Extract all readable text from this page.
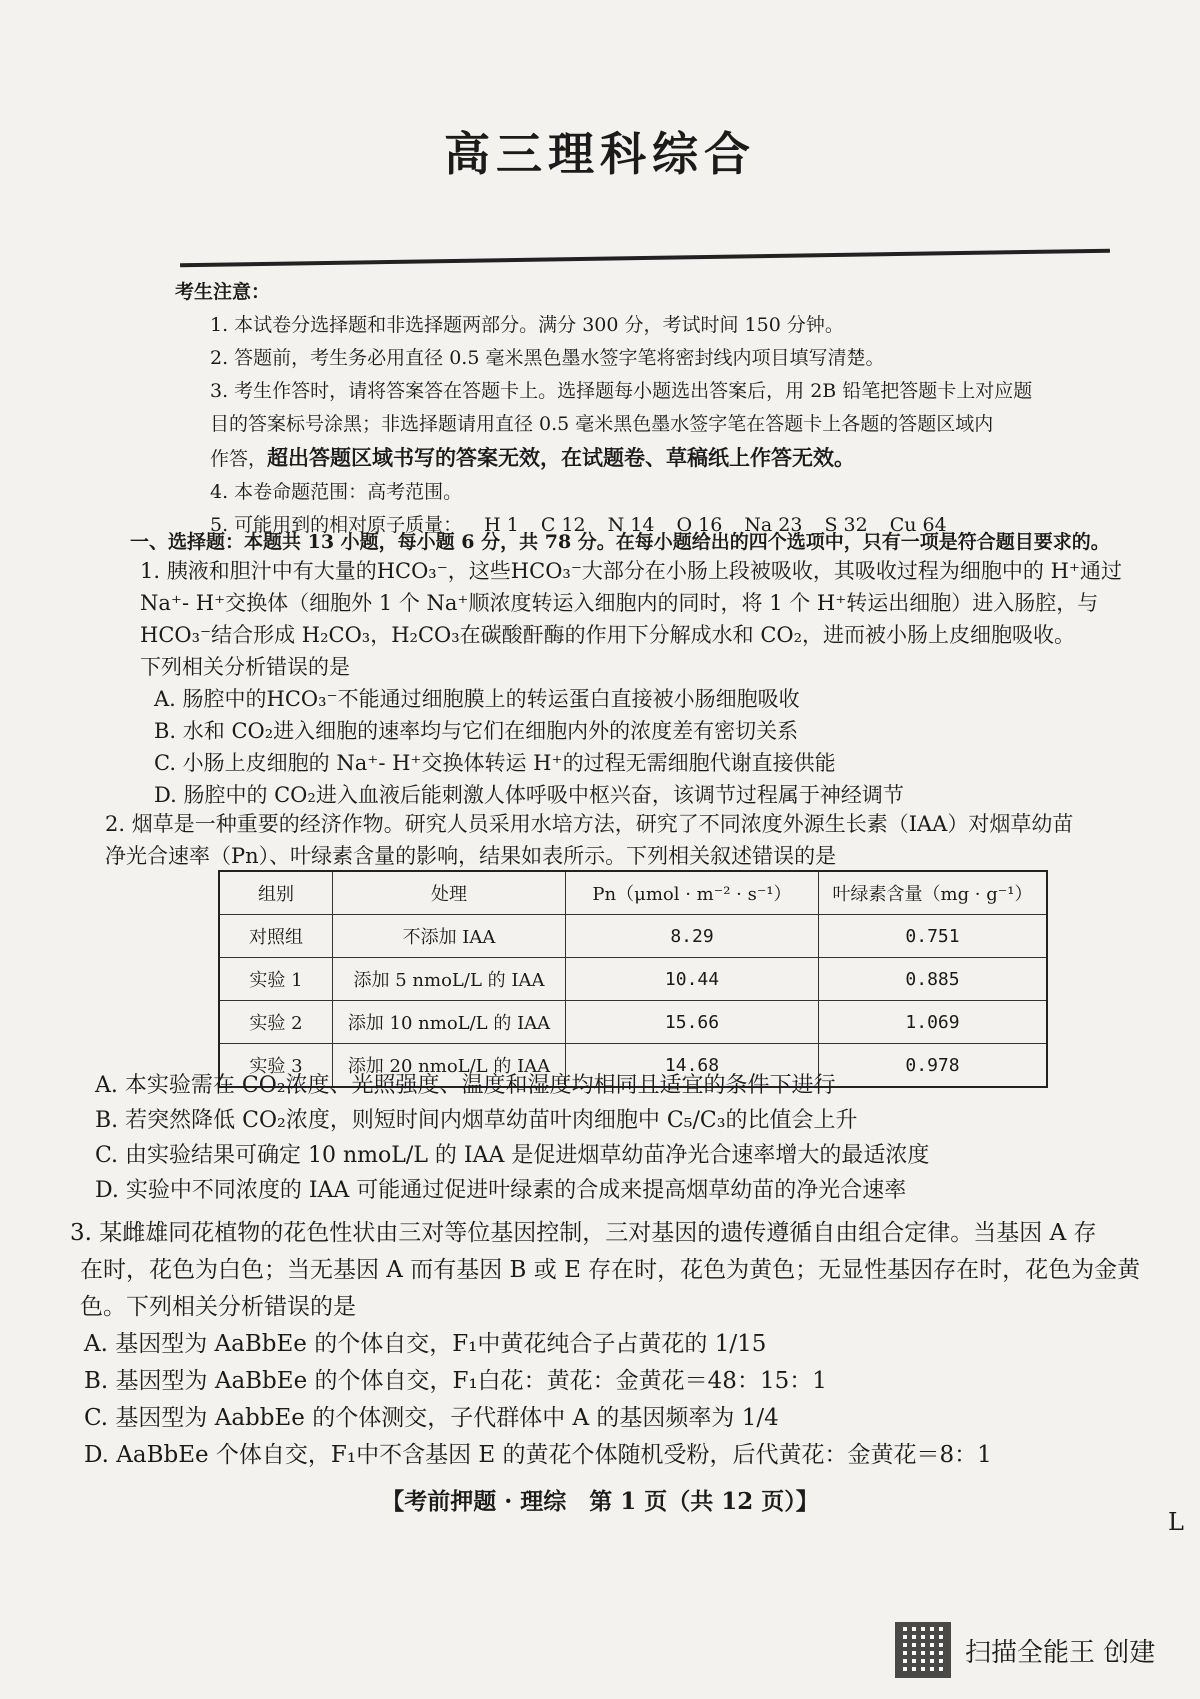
高三理科综合
考生注意：
1. 本试卷分选择题和非选择题两部分。满分 300 分，考试时间 150 分钟。
2. 答题前，考生务必用直径 0.5 毫米黑色墨水签字笔将密封线内项目填写清楚。
3. 考生作答时，请将答案答在答题卡上。选择题每小题选出答案后，用 2B 铅笔把答题卡上对应题
目的答案标号涂黑；非选择题请用直径 0.5 毫米黑色墨水签字笔在答题卡上各题的答题区域内
作答，超出答题区域书写的答案无效，在试题卷、草稿纸上作答无效。
4. 本卷命题范围：高考范围。
5. 可能用到的相对原子质量： H 1 C 12 N 14 O 16 Na 23 S 32 Cu 64
一、选择题：本题共 13 小题，每小题 6 分，共 78 分。在每小题给出的四个选项中，只有一项是符合题目要求的。
1. 胰液和胆汁中有大量的HCO₃⁻，这些HCO₃⁻大部分在小肠上段被吸收，其吸收过程为细胞中的 H⁺通过
Na⁺- H⁺交换体（细胞外 1 个 Na⁺顺浓度转运入细胞内的同时，将 1 个 H⁺转运出细胞）进入肠腔，与
HCO₃⁻结合形成 H₂CO₃，H₂CO₃在碳酸酐酶的作用下分解成水和 CO₂，进而被小肠上皮细胞吸收。
下列相关分析错误的是
A. 肠腔中的HCO₃⁻不能通过细胞膜上的转运蛋白直接被小肠细胞吸收
B. 水和 CO₂进入细胞的速率均与它们在细胞内外的浓度差有密切关系
C. 小肠上皮细胞的 Na⁺- H⁺交换体转运 H⁺的过程无需细胞代谢直接供能
D. 肠腔中的 CO₂进入血液后能刺激人体呼吸中枢兴奋，该调节过程属于神经调节
2. 烟草是一种重要的经济作物。研究人员采用水培方法，研究了不同浓度外源生长素（IAA）对烟草幼苗
净光合速率（Pn）、叶绿素含量的影响，结果如表所示。下列相关叙述错误的是
组别	处理	Pn（μmol · m⁻² · s⁻¹）	叶绿素含量（mg · g⁻¹）
对照组	不添加 IAA	8.29	0.751
实验 1	添加 5 nmoL/L 的 IAA	10.44	0.885
实验 2	添加 10 nmoL/L 的 IAA	15.66	1.069
实验 3	添加 20 nmoL/L 的 IAA	14.68	0.978
A. 本实验需在 CO₂浓度、光照强度、温度和湿度均相同且适宜的条件下进行
B. 若突然降低 CO₂浓度，则短时间内烟草幼苗叶肉细胞中 C₅/C₃的比值会上升
C. 由实验结果可确定 10 nmoL/L 的 IAA 是促进烟草幼苗净光合速率增大的最适浓度
D. 实验中不同浓度的 IAA 可能通过促进叶绿素的合成来提高烟草幼苗的净光合速率
3. 某雌雄同花植物的花色性状由三对等位基因控制，三对基因的遗传遵循自由组合定律。当基因 A 存
在时，花色为白色；当无基因 A 而有基因 B 或 E 存在时，花色为黄色；无显性基因存在时，花色为金黄
色。下列相关分析错误的是
A. 基因型为 AaBbEe 的个体自交，F₁中黄花纯合子占黄花的 1/15
B. 基因型为 AaBbEe 的个体自交，F₁白花：黄花：金黄花＝48：15：1
C. 基因型为 AabbEe 的个体测交，子代群体中 A 的基因频率为 1/4
D. AaBbEe 个体自交，F₁中不含基因 E 的黄花个体随机受粉，后代黄花：金黄花＝8：1
【考前押题 · 理综　第 1 页（共 12 页）】
L
扫描全能王 创建
